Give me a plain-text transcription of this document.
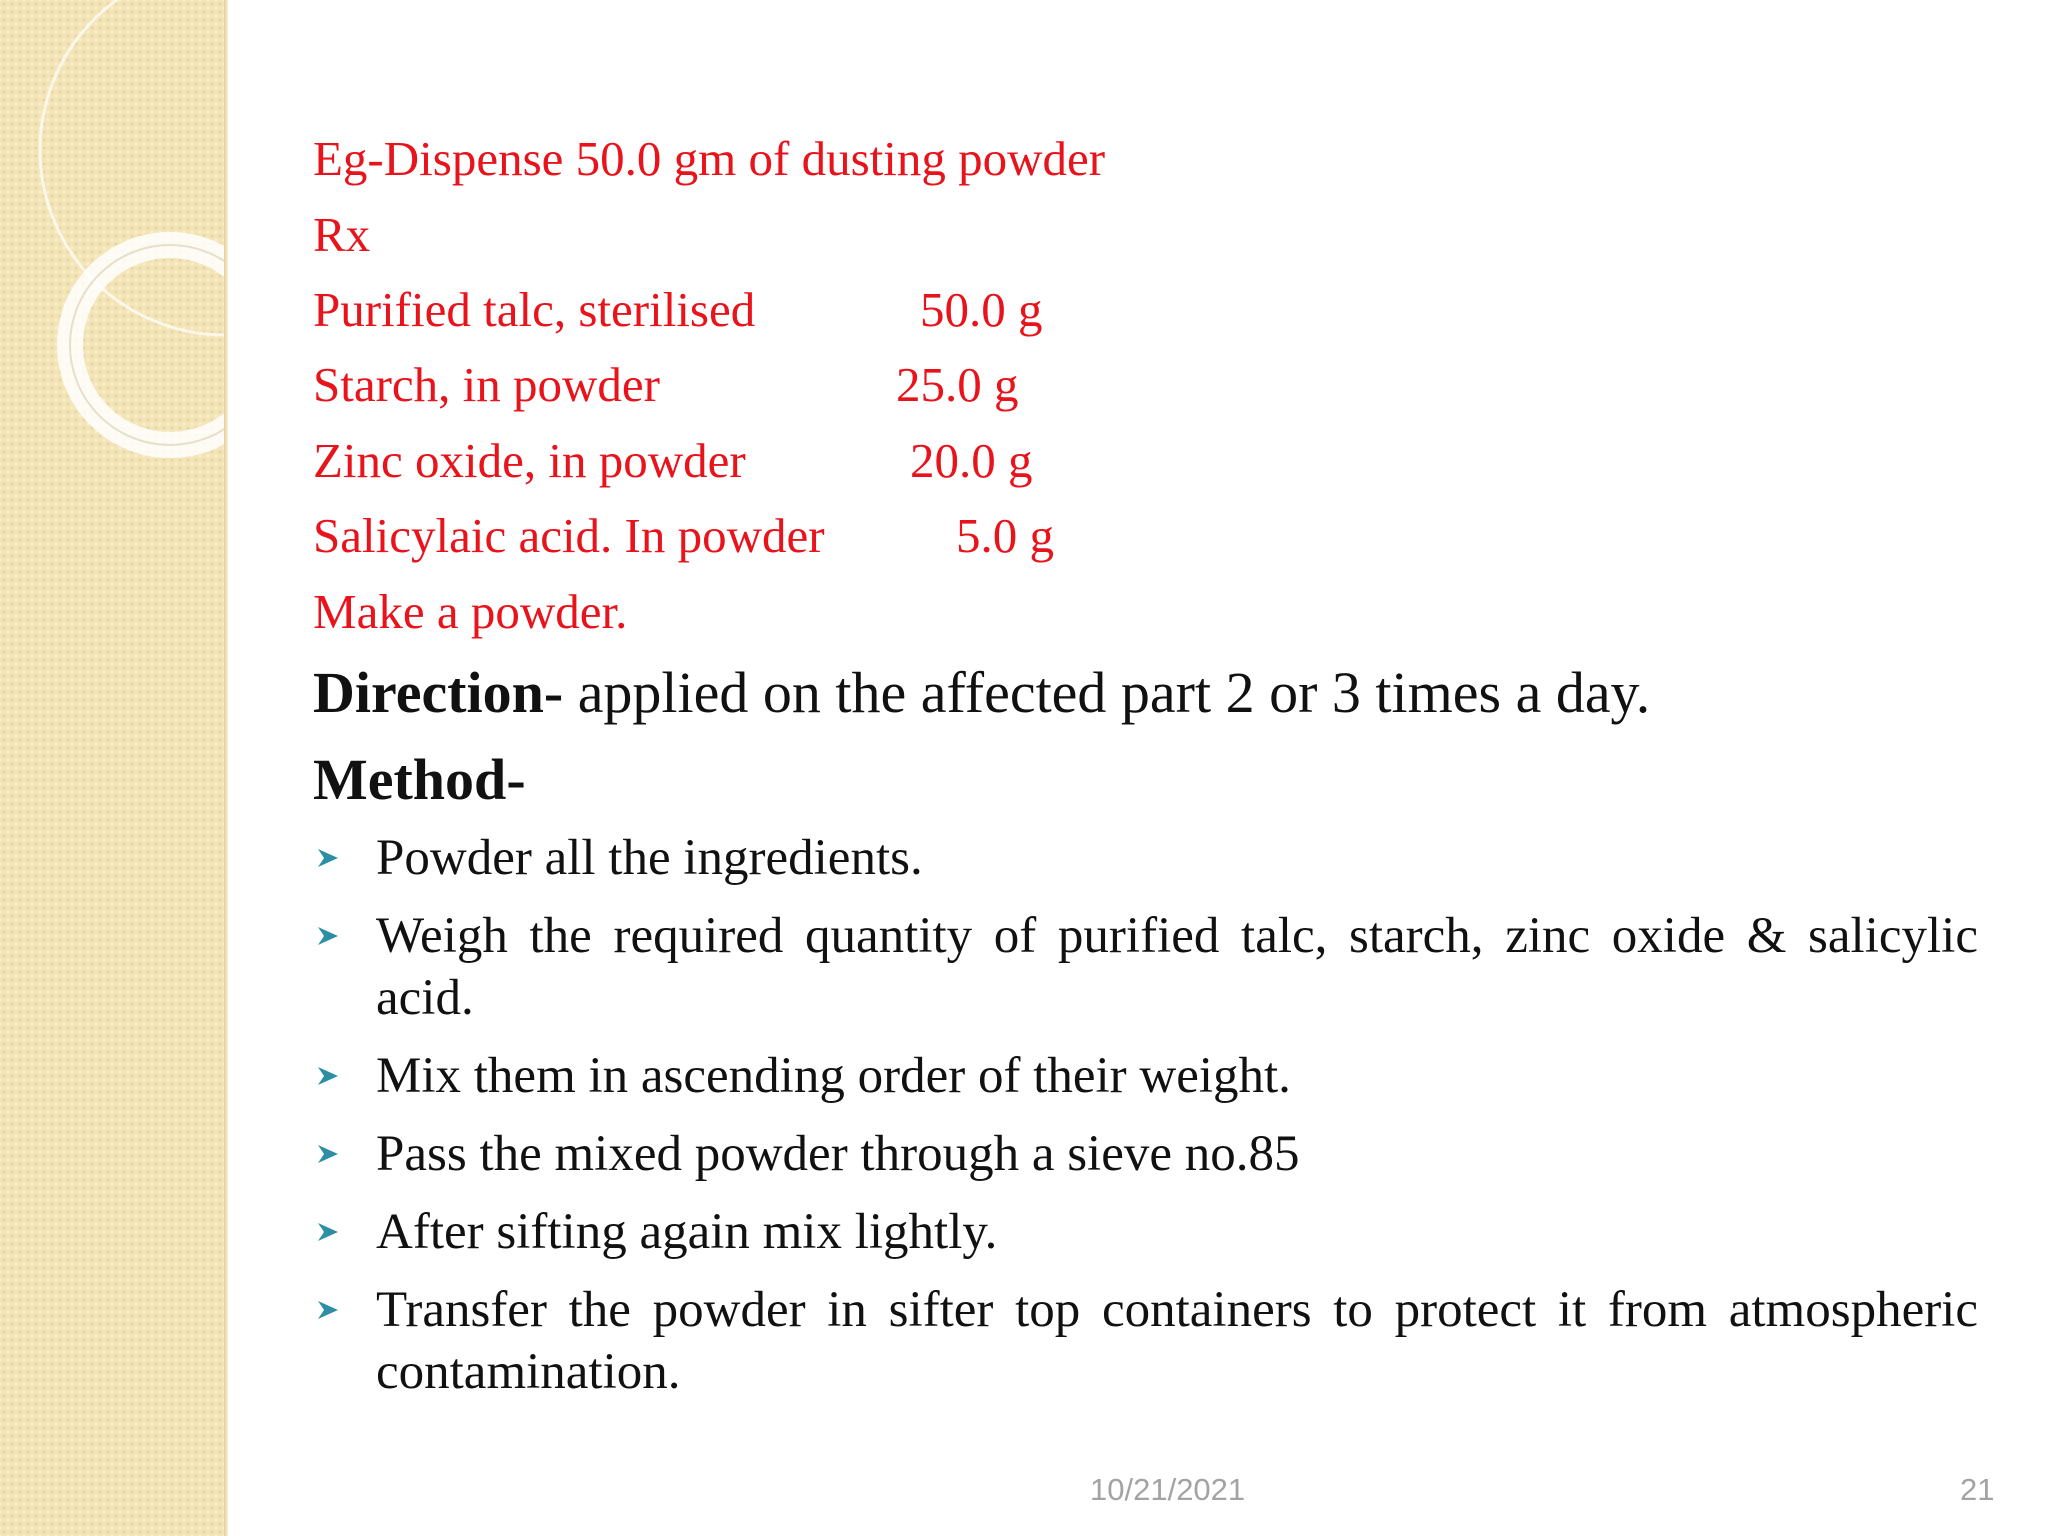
Eg-Dispense 50.0 gm of dusting powder
Rx
Purified talc, sterilised	50.0 g
Starch, in powder	25.0 g
Zinc oxide, in powder	20.0 g
Salicylaic acid. In powder	5.0 g
Make a powder.
Direction- applied on the affected part 2 or 3 times a day.
Method-
Powder all the ingredients.
Weigh the required quantity of purified talc, starch, zinc oxide & salicylic acid.
Mix them in ascending order of their weight.
Pass the mixed powder through a sieve no.85
After sifting again mix lightly.
Transfer the powder in sifter top containers to protect it from atmospheric contamination.
10/21/2021	21
